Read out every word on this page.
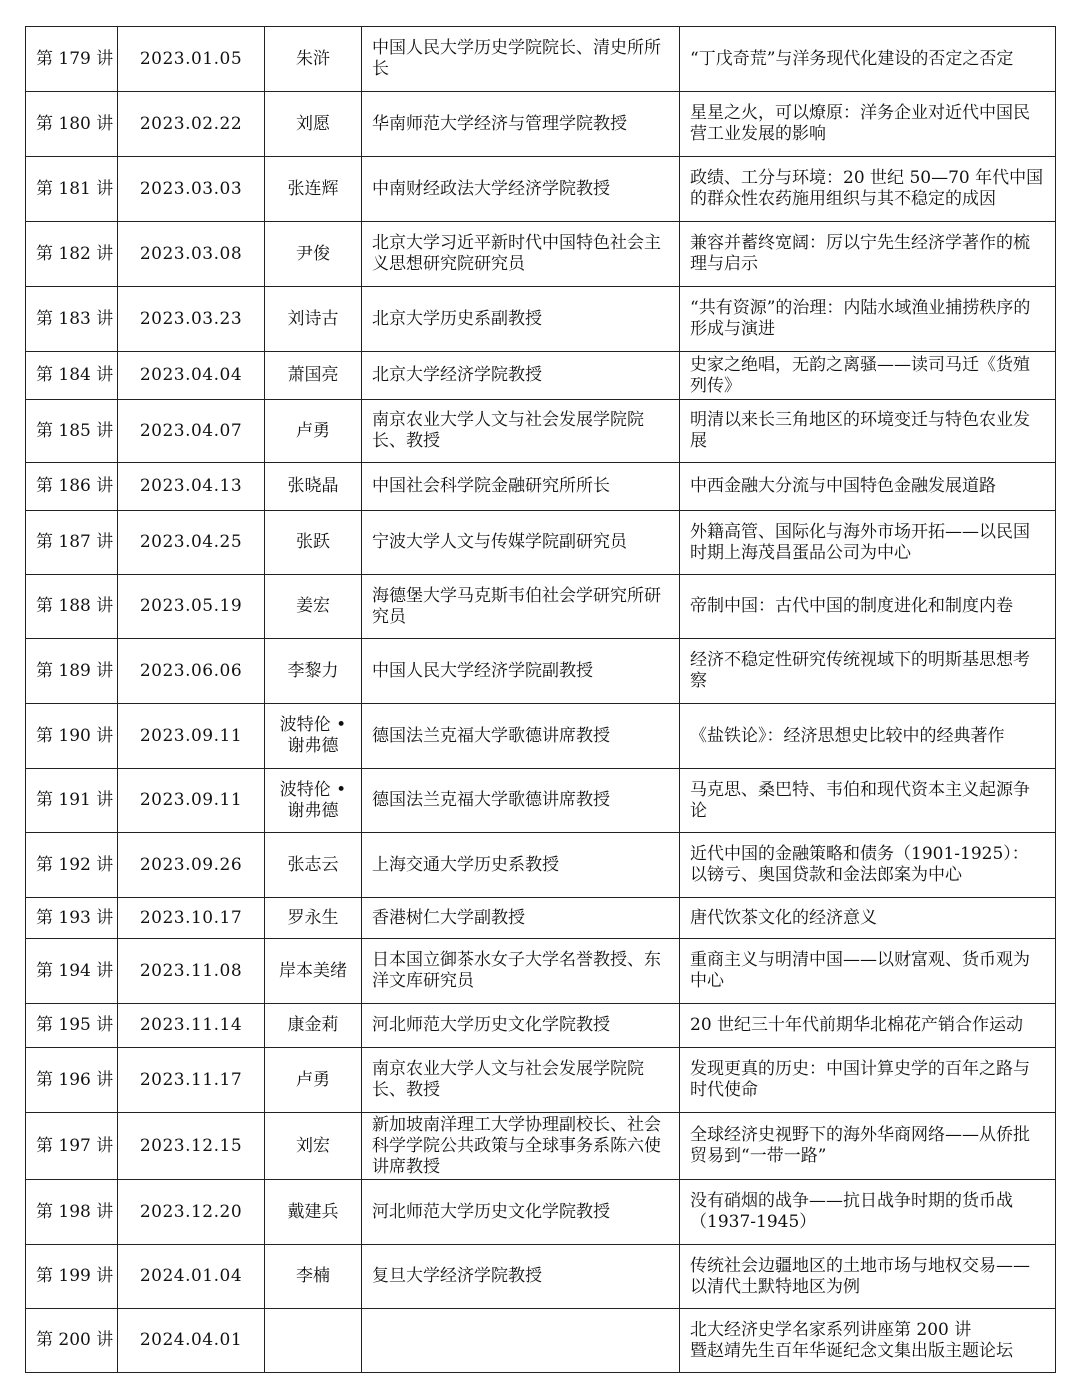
第 179 讲	2023.01.05	朱浒	中国人民大学历史学院院长、清史所所长	“丁戊奇荒”与洋务现代化建设的否定之否定
第 180 讲	2023.02.22	刘愿	华南师范大学经济与管理学院教授	星星之火，可以燎原：洋务企业对近代中国民营工业发展的影响
第 181 讲	2023.03.03	张连辉	中南财经政法大学经济学院教授	政绩、工分与环境：20 世纪 50—70 年代中国的群众性农药施用组织与其不稳定的成因
第 182 讲	2023.03.08	尹俊	北京大学习近平新时代中国特色社会主义思想研究院研究员	兼容并蓄终宽阔：厉以宁先生经济学著作的梳理与启示
第 183 讲	2023.03.23	刘诗古	北京大学历史系副教授	“共有资源”的治理：内陆水域渔业捕捞秩序的形成与演进
第 184 讲	2023.04.04	萧国亮	北京大学经济学院教授	史家之绝唱，无韵之离骚——读司马迁《货殖列传》
第 185 讲	2023.04.07	卢勇	南京农业大学人文与社会发展学院院长、教授	明清以来长三角地区的环境变迁与特色农业发展
第 186 讲	2023.04.13	张晓晶	中国社会科学院金融研究所所长	中西金融大分流与中国特色金融发展道路
第 187 讲	2023.04.25	张跃	宁波大学人文与传媒学院副研究员	外籍高管、国际化与海外市场开拓——以民国时期上海茂昌蛋品公司为中心
第 188 讲	2023.05.19	姜宏	海德堡大学马克斯韦伯社会学研究所研究员	帝制中国：古代中国的制度进化和制度内卷
第 189 讲	2023.06.06	李黎力	中国人民大学经济学院副教授	经济不稳定性研究传统视域下的明斯基思想考察
第 190 讲	2023.09.11	波特伦 • 谢弗德	德国法兰克福大学歌德讲席教授	《盐铁论》：经济思想史比较中的经典著作
第 191 讲	2023.09.11	波特伦 • 谢弗德	德国法兰克福大学歌德讲席教授	马克思、桑巴特、韦伯和现代资本主义起源争论
第 192 讲	2023.09.26	张志云	上海交通大学历史系教授	近代中国的金融策略和债务（1901-1925）：以镑亏、奥国贷款和金法郎案为中心
第 193 讲	2023.10.17	罗永生	香港树仁大学副教授	唐代饮茶文化的经济意义
第 194 讲	2023.11.08	岸本美绪	日本国立御茶水女子大学名誉教授、东洋文库研究员	重商主义与明清中国——以财富观、货币观为中心
第 195 讲	2023.11.14	康金莉	河北师范大学历史文化学院教授	20 世纪三十年代前期华北棉花产销合作运动
第 196 讲	2023.11.17	卢勇	南京农业大学人文与社会发展学院院长、教授	发现更真的历史：中国计算史学的百年之路与时代使命
第 197 讲	2023.12.15	刘宏	新加坡南洋理工大学协理副校长、社会科学学院公共政策与全球事务系陈六使讲席教授	全球经济史视野下的海外华商网络——从侨批贸易到“一带一路”
第 198 讲	2023.12.20	戴建兵	河北师范大学历史文化学院教授	没有硝烟的战争——抗日战争时期的货币战（1937-1945）
第 199 讲	2024.01.04	李楠	复旦大学经济学院教授	传统社会边疆地区的土地市场与地权交易——以清代土默特地区为例
第 200 讲	2024.04.01			北大经济史学名家系列讲座第 200 讲
暨赵靖先生百年华诞纪念文集出版主题论坛
